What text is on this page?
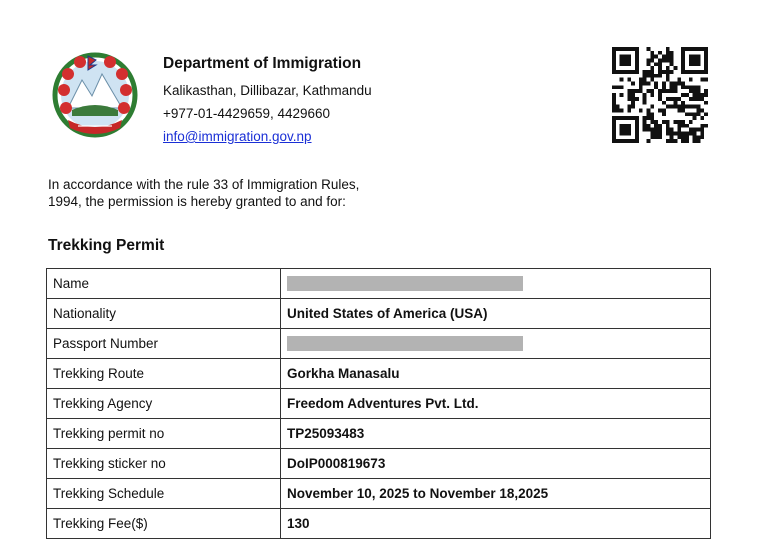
Department of Immigration
Kalikasthan, Dillibazar, Kathmandu
+977-01-4429659, 4429660
info@immigration.gov.np
In accordance with the rule 33 of Immigration Rules,
1994, the permission is hereby granted to and for:
Trekking Permit
Name	
Nationality	United States of America (USA)
Passport Number	
Trekking Route	Gorkha Manasalu
Trekking Agency	Freedom Adventures Pvt. Ltd.
Trekking permit no	TP25093483
Trekking sticker no	DoIP000819673
Trekking Schedule	November 10, 2025 to November 18,2025
Trekking Fee($)	130
